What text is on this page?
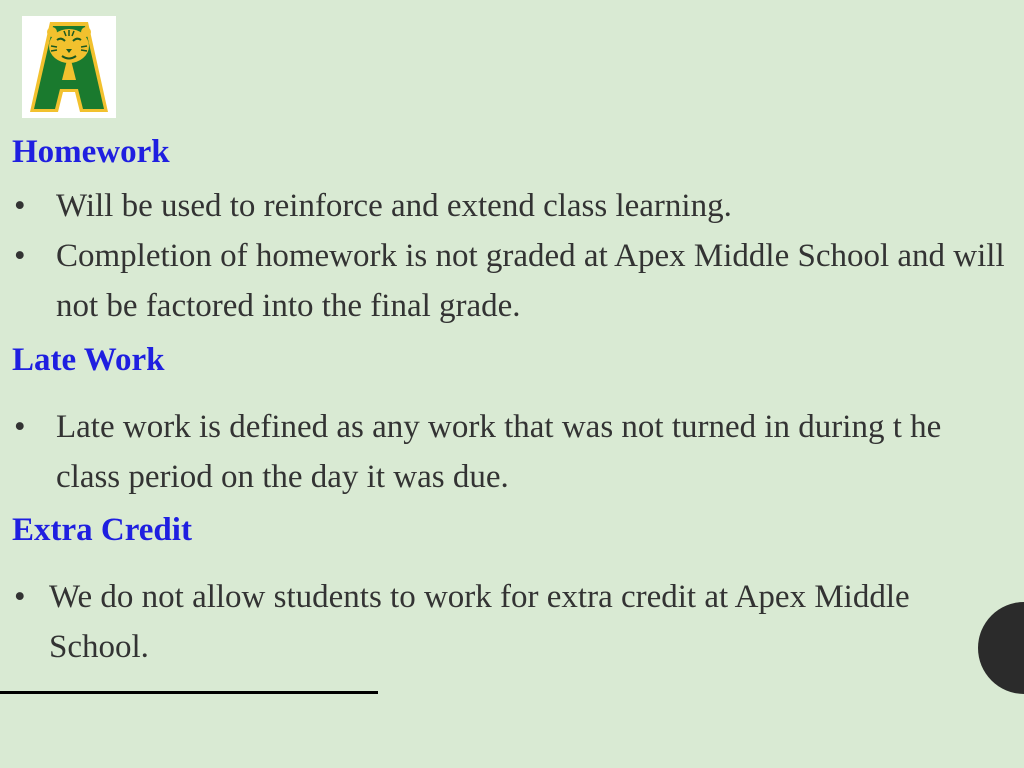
Homework
• Will be used to reinforce and extend class learning.
• Completion of homework is not graded at Apex Middle School and will not be factored into the final grade.
Late Work
• Late work is defined as any work that was not turned in during t he class period on the day it was due.
Extra Credit
• We do not allow students to work for extra credit at Apex Middle School.
